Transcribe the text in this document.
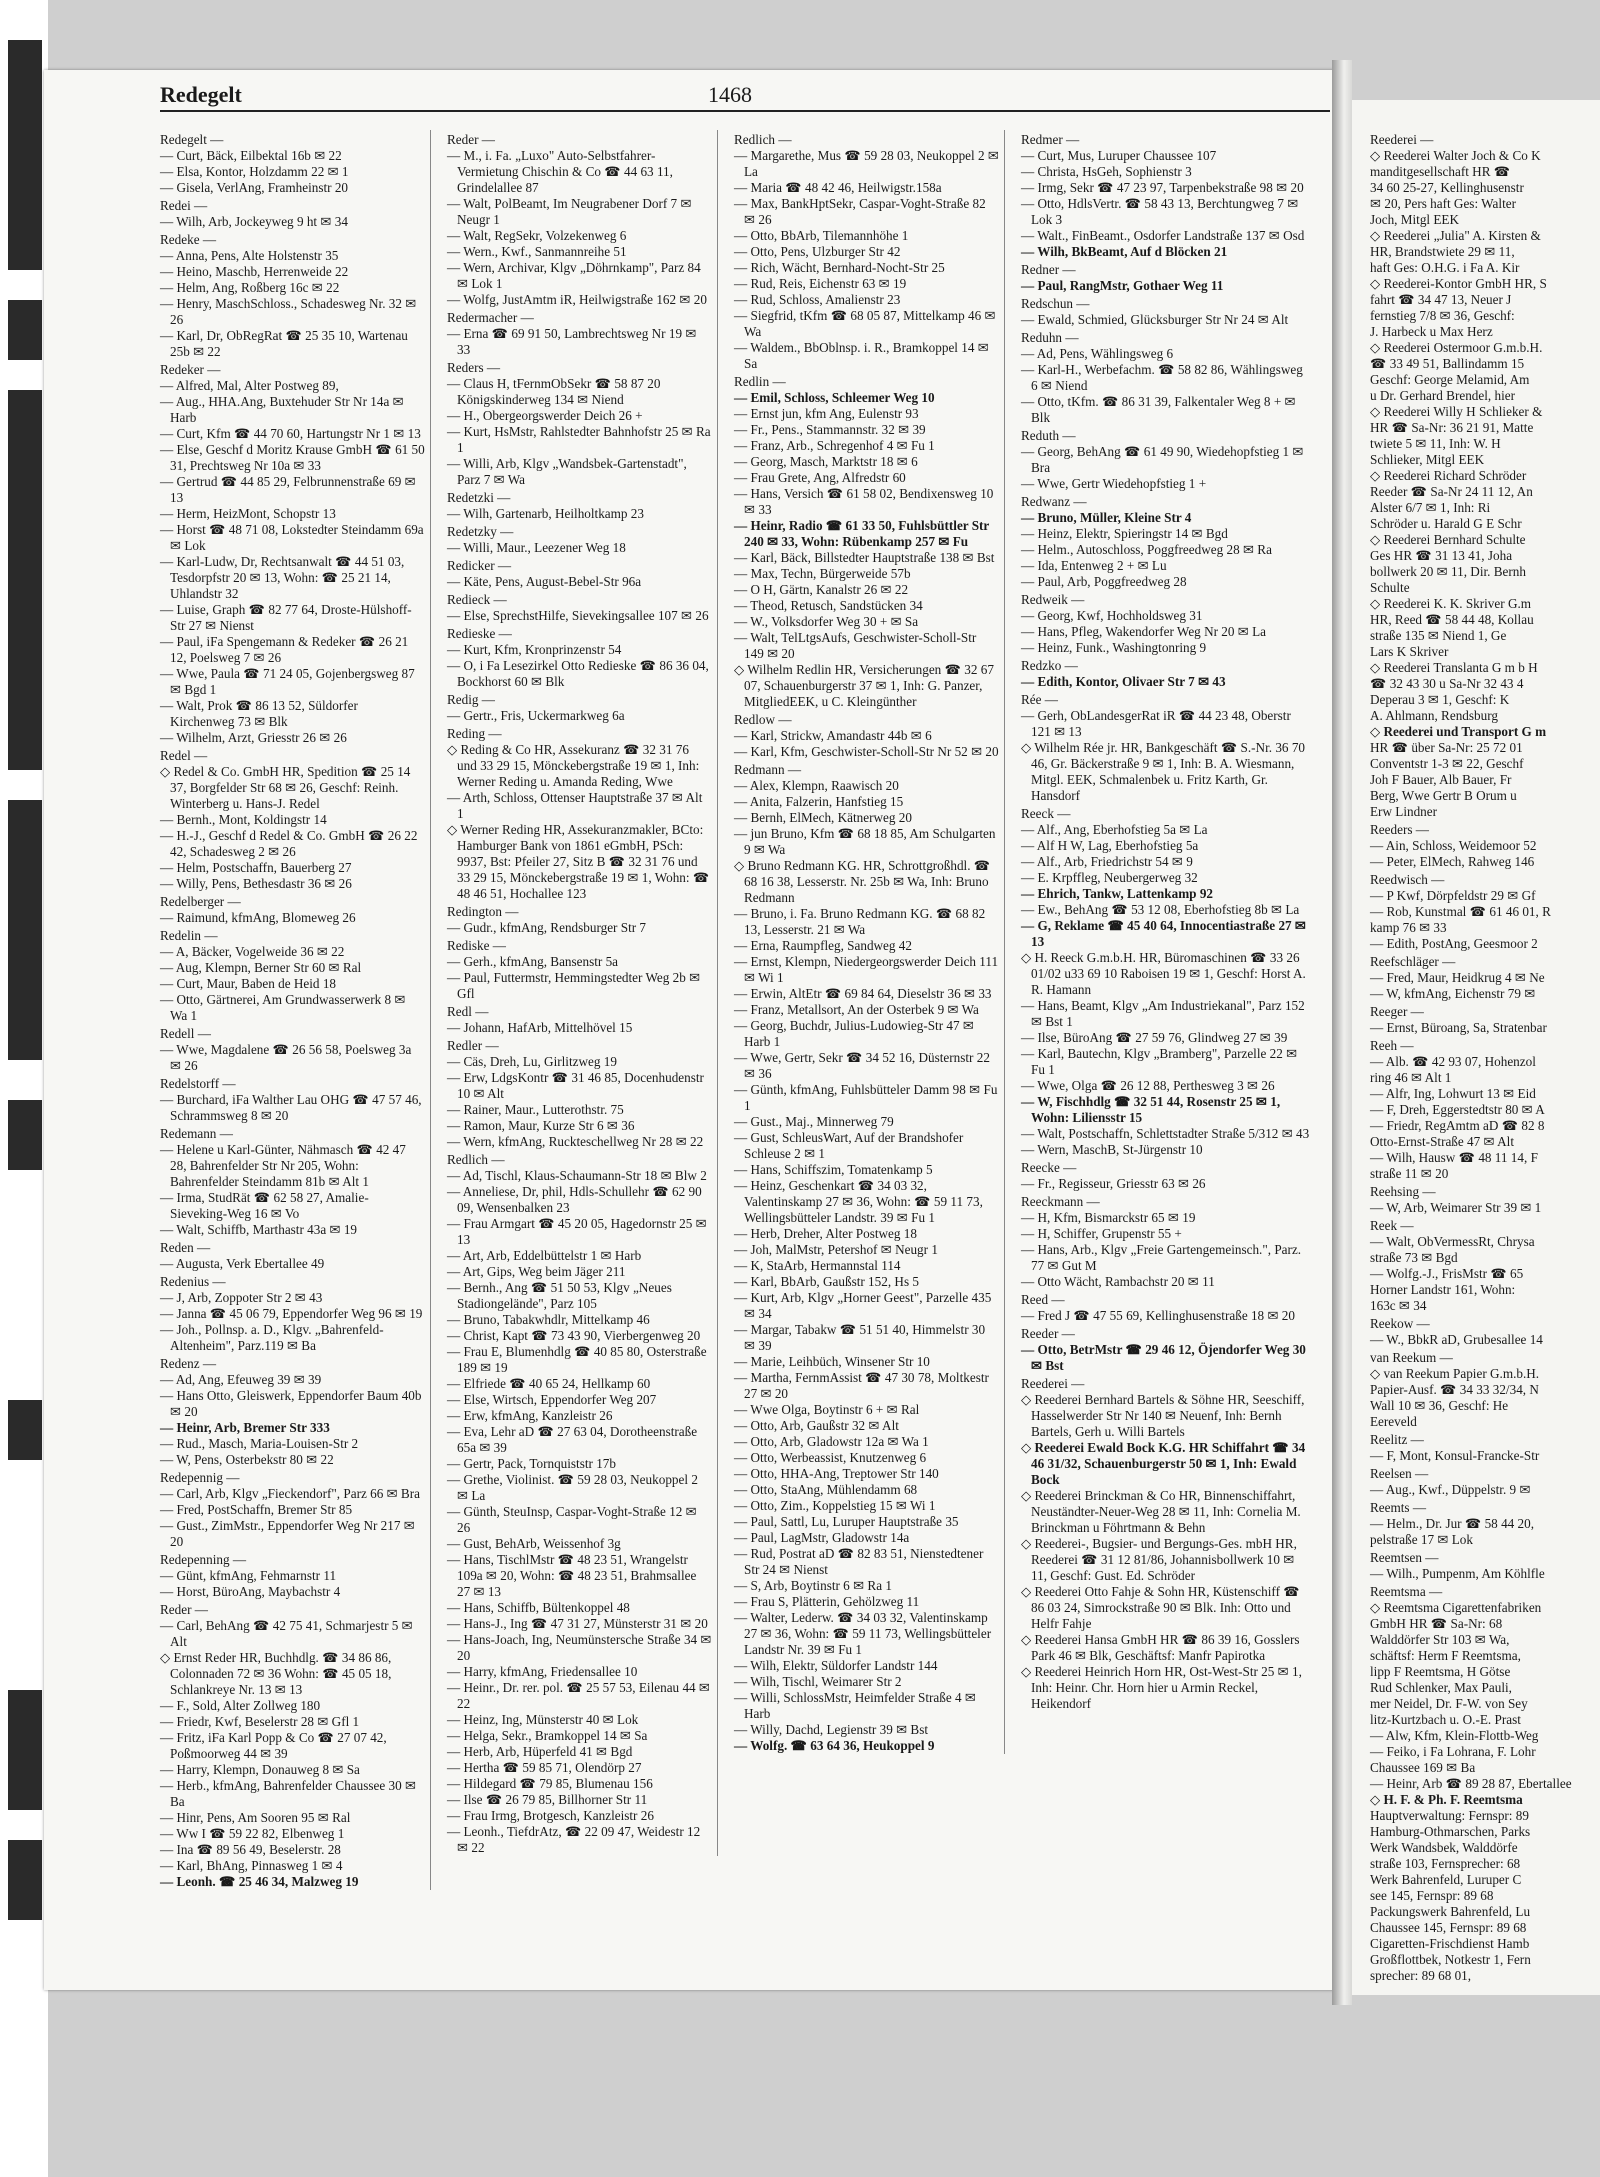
Redegelt	1468
Redegelt —
— Curt, Bäck, Eilbektal 16b ✉ 22
— Elsa, Kontor, Holzdamm 22 ✉ 1
— Gisela, VerlAng, Framheinstr 20
Redei —
— Wilh, Arb, Jockeyweg 9 ht ✉ 34
Redeke —
— Anna, Pens, Alte Holstenstr 35
— Heino, Maschb, Herrenweide 22
— Helm, Ang, Roßberg 16c ✉ 22
— Henry, MaschSchloss., Schadesweg Nr. 32 ✉ 26
— Karl, Dr, ObRegRat ☎ 25 35 10, Wartenau 25b ✉ 22
Redeker —
— Alfred, Mal, Alter Postweg 89,
— Aug., HHA.Ang, Buxtehuder Str Nr 14a ✉ Harb
— Curt, Kfm ☎ 44 70 60, Hartungstr Nr 1 ✉ 13
— Else, Geschf d Moritz Krause GmbH ☎ 61 50 31, Prechtsweg Nr 10a ✉ 33
— Gertrud ☎ 44 85 29, Felbrunnenstraße 69 ✉ 13
— Herm, HeizMont, Schopstr 13
— Horst ☎ 48 71 08, Lokstedter Steindamm 69a ✉ Lok
— Karl-Ludw, Dr, Rechtsanwalt ☎ 44 51 03, Tesdorpfstr 20 ✉ 13, Wohn: ☎ 25 21 14, Uhlandstr 32
— Luise, Graph ☎ 82 77 64, Droste-Hülshoff-Str 27 ✉ Nienst
— Paul, iFa Spengemann & Redeker ☎ 26 21 12, Poelsweg 7 ✉ 26
— Wwe, Paula ☎ 71 24 05, Gojenbergsweg 87 ✉ Bgd 1
— Walt, Prok ☎ 86 13 52, Süldorfer Kirchenweg 73 ✉ Blk
— Wilhelm, Arzt, Griesstr 26 ✉ 26
Redel —
◇ Redel & Co. GmbH HR, Spedition ☎ 25 14 37, Borgfelder Str 68 ✉ 26, Geschf: Reinh. Winterberg u. Hans-J. Redel
— Bernh., Mont, Koldingstr 14
— H.-J., Geschf d Redel & Co. GmbH ☎ 26 22 42, Schadesweg 2 ✉ 26
— Helm, Postschaffn, Bauerberg 27
— Willy, Pens, Bethesdastr 36 ✉ 26
Redelberger —
— Raimund, kfmAng, Blomeweg 26
Redelin —
— A, Bäcker, Vogelweide 36 ✉ 22
— Aug, Klempn, Berner Str 60 ✉ Ral
— Curt, Maur, Baben de Heid 18
— Otto, Gärtnerei, Am Grundwasserwerk 8 ✉ Wa 1
Redell —
— Wwe, Magdalene ☎ 26 56 58, Poelsweg 3a ✉ 26
Redelstorff —
— Burchard, iFa Walther Lau OHG ☎ 47 57 46, Schrammsweg 8 ✉ 20
Redemann —
— Helene u Karl-Günter, Nähmasch ☎ 42 47 28, Bahrenfelder Str Nr 205, Wohn: Bahrenfelder Steindamm 81b ✉ Alt 1
— Irma, StudRät ☎ 62 58 27, Amalie-Sieveking-Weg 16 ✉ Vo
— Walt, Schiffb, Marthastr 43a ✉ 19
Reden —
— Augusta, Verk Ebertallee 49
Redenius —
— J, Arb, Zoppoter Str 2 ✉ 43
— Janna ☎ 45 06 79, Eppendorfer Weg 96 ✉ 19
— Joh., Pollnsp. a. D., Klgv. „Bahrenfeld-Altenheim", Parz.119 ✉ Ba
Redenz —
— Ad, Ang, Efeuweg 39 ✉ 39
— Hans Otto, Gleiswerk, Eppendorfer Baum 40b ✉ 20
— Heinr, Arb, Bremer Str 333
— Rud., Masch, Maria-Louisen-Str 2
— W, Pens, Osterbekstr 80 ✉ 22
Redepennig —
— Carl, Arb, Klgv „Fieckendorf", Parz 66 ✉ Bra
— Fred, PostSchaffn, Bremer Str 85
— Gust., ZimMstr., Eppendorfer Weg Nr 217 ✉ 20
Redepenning —
— Günt, kfmAng, Fehmarnstr 11
— Horst, BüroAng, Maybachstr 4
Reder —
— Carl, BehAng ☎ 42 75 41, Schmarjestr 5 ✉ Alt
◇ Ernst Reder HR, Buchhdlg. ☎ 34 86 86, Colonnaden 72 ✉ 36 Wohn: ☎ 45 05 18, Schlankreye Nr. 13 ✉ 13
— F., Sold, Alter Zollweg 180
— Friedr, Kwf, Beselerstr 28 ✉ Gfl 1
— Fritz, iFa Karl Popp & Co ☎ 27 07 42, Poßmoorweg 44 ✉ 39
— Harry, Klempn, Donauweg 8 ✉ Sa
— Herb., kfmAng, Bahrenfelder Chaussee 30 ✉ Ba
— Hinr, Pens, Am Sooren 95 ✉ Ral
— Ww I ☎ 59 22 82, Elbenweg 1
— Ina ☎ 89 56 49, Beselerstr. 28
— Karl, BhAng, Pinnasweg 1 ✉ 4
— Leonh. ☎ 25 46 34, Malzweg 19
Reder —
— M., i. Fa. „Luxo" Auto-Selbstfahrer-Vermietung Chischin & Co ☎ 44 63 11, Grindelallee 87
— Walt, PolBeamt, Im Neugrabener Dorf 7 ✉ Neugr 1
— Walt, RegSekr, Volzekenweg 6
— Wern., Kwf., Sanmannreihe 51
— Wern, Archivar, Klgv „Döhrnkamp", Parz 84 ✉ Lok 1
— Wolfg, JustAmtm iR, Heilwigstraße 162 ✉ 20
Redermacher —
— Erna ☎ 69 91 50, Lambrechtsweg Nr 19 ✉ 33
Reders —
— Claus H, tFernmObSekr ☎ 58 87 20 Königskinderweg 134 ✉ Niend
— H., Obergeorgswerder Deich 26 +
— Kurt, HsMstr, Rahlstedter Bahnhofstr 25 ✉ Ra 1
— Willi, Arb, Klgv „Wandsbek-Gartenstadt", Parz 7 ✉ Wa
Redetzki —
— Wilh, Gartenarb, Heilholtkamp 23
Redetzky —
— Willi, Maur., Leezener Weg 18
Redicker —
— Käte, Pens, August-Bebel-Str 96a
Redieck —
— Else, SprechstHilfe, Sievekingsallee 107 ✉ 26
Redieske —
— Kurt, Kfm, Kronprinzenstr 54
— O, i Fa Lesezirkel Otto Redieske ☎ 86 36 04, Bockhorst 60 ✉ Blk
Redig —
— Gertr., Fris, Uckermarkweg 6a
Reding —
◇ Reding & Co HR, Assekuranz ☎ 32 31 76 und 33 29 15, Mönckebergstraße 19 ✉ 1, Inh: Werner Reding u. Amanda Reding, Wwe
— Arth, Schloss, Ottenser Hauptstraße 37 ✉ Alt 1
◇ Werner Reding HR, Assekuranzmakler, BCto: Hamburger Bank von 1861 eGmbH, PSch: 9937, Bst: Pfeiler 27, Sitz B ☎ 32 31 76 und 33 29 15, Mönckebergstraße 19 ✉ 1, Wohn: ☎ 48 46 51, Hochallee 123
Redington —
— Gudr., kfmAng, Rendsburger Str 7
Rediske —
— Gerh., kfmAng, Bansenstr 5a
— Paul, Futtermstr, Hemmingstedter Weg 2b ✉ Gfl
Redl —
— Johann, HafArb, Mittelhövel 15
Redler —
— Cäs, Dreh, Lu, Girlitzweg 19
— Erw, LdgsKontr ☎ 31 46 85, Docenhudenstr 10 ✉ Alt
— Rainer, Maur., Lutterothstr. 75
— Ramon, Maur, Kurze Str 6 ✉ 36
— Wern, kfmAng, Ruckteschellweg Nr 28 ✉ 22
Redlich —
— Ad, Tischl, Klaus-Schaumann-Str 18 ✉ Blw 2
— Anneliese, Dr, phil, Hdls-Schullehr ☎ 62 90 09, Wensenbalken 23
— Frau Armgart ☎ 45 20 05, Hagedornstr 25 ✉ 13
— Art, Arb, Eddelbüttelstr 1 ✉ Harb
— Art, Gips, Weg beim Jäger 211
— Bernh., Ang ☎ 51 50 53, Klgv „Neues Stadiongelände", Parz 105
— Bruno, Tabakwhdlr, Mittelkamp 46
— Christ, Kapt ☎ 73 43 90, Vierbergenweg 20
— Frau E, Blumenhdlg ☎ 40 85 80, Osterstraße 189 ✉ 19
— Elfriede ☎ 40 65 24, Hellkamp 60
— Else, Wirtsch, Eppendorfer Weg 207
— Erw, kfmAng, Kanzleistr 26
— Eva, Lehr aD ☎ 27 63 04, Dorotheenstraße 65a ✉ 39
— Gertr, Pack, Tornquiststr 17b
— Grethe, Violinist. ☎ 59 28 03, Neukoppel 2 ✉ La
— Günth, SteuInsp, Caspar-Voght-Straße 12 ✉ 26
— Gust, BehArb, Weissenhof 3g
— Hans, TischlMstr ☎ 48 23 51, Wrangelstr 109a ✉ 20, Wohn: ☎ 48 23 51, Brahmsallee 27 ✉ 13
— Hans, Schiffb, Bültenkoppel 48
— Hans-J., Ing ☎ 47 31 27, Münsterstr 31 ✉ 20
— Hans-Joach, Ing, Neumünstersche Straße 34 ✉ 20
— Harry, kfmAng, Friedensallee 10
— Heinr., Dr. rer. pol. ☎ 25 57 53, Eilenau 44 ✉ 22
— Heinz, Ing, Münsterstr 40 ✉ Lok
— Helga, Sekr., Bramkoppel 14 ✉ Sa
— Herb, Arb, Hüperfeld 41 ✉ Bgd
— Hertha ☎ 59 85 71, Olendörp 27
— Hildegard ☎ 79 85, Blumenau 156
— Ilse ☎ 26 79 85, Billhorner Str 11
— Frau Irmg, Brotgesch, Kanzleistr 26
— Leonh., TiefdrAtz, ☎ 22 09 47, Weidestr 12 ✉ 22
Redlich —
— Margarethe, Mus ☎ 59 28 03, Neukoppel 2 ✉ La
— Maria ☎ 48 42 46, Heilwigstr.158a
— Max, BankHptSekr, Caspar-Voght-Straße 82 ✉ 26
— Otto, BbArb, Tilemannhöhe 1
— Otto, Pens, Ulzburger Str 42
— Rich, Wächt, Bernhard-Nocht-Str 25
— Rud, Reis, Eichenstr 63 ✉ 19
— Rud, Schloss, Amalienstr 23
— Siegfrid, tKfm ☎ 68 05 87, Mittelkamp 46 ✉ Wa
— Waldem., BbOblnsp. i. R., Bramkoppel 14 ✉ Sa
Redlin —
— Emil, Schloss, Schleemer Weg 10
— Ernst jun, kfm Ang, Eulenstr 93
— Fr., Pens., Stammannstr. 32 ✉ 39
— Franz, Arb., Schregenhof 4 ✉ Fu 1
— Georg, Masch, Marktstr 18 ✉ 6
— Frau Grete, Ang, Alfredstr 60
— Hans, Versich ☎ 61 58 02, Bendixensweg 10 ✉ 33
— Heinr, Radio ☎ 61 33 50, Fuhlsbüttler Str 240 ✉ 33, Wohn: Rübenkamp 257 ✉ Fu
— Karl, Bäck, Billstedter Hauptstraße 138 ✉ Bst
— Max, Techn, Bürgerweide 57b
— O H, Gärtn, Kanalstr 26 ✉ 22
— Theod, Retusch, Sandstücken 34
— W., Volksdorfer Weg 30 + ✉ Sa
— Walt, TelLtgsAufs, Geschwister-Scholl-Str 149 ✉ 20
◇ Wilhelm Redlin HR, Versicherungen ☎ 32 67 07, Schauenburgerstr 37 ✉ 1, Inh: G. Panzer, MitgliedEEK, u C. Kleingünther
Redlow —
— Karl, Strickw, Amandastr 44b ✉ 6
— Karl, Kfm, Geschwister-Scholl-Str Nr 52 ✉ 20
Redmann —
— Alex, Klempn, Raawisch 20
— Anita, Falzerin, Hanfstieg 15
— Bernh, ElMech, Kätnerweg 20
— jun Bruno, Kfm ☎ 68 18 85, Am Schulgarten 9 ✉ Wa
◇ Bruno Redmann KG. HR, Schrottgroßhdl. ☎ 68 16 38, Lesserstr. Nr. 25b ✉ Wa, Inh: Bruno Redmann
— Bruno, i. Fa. Bruno Redmann KG. ☎ 68 82 13, Lesserstr. 21 ✉ Wa
— Erna, Raumpfleg, Sandweg 42
— Ernst, Klempn, Niedergeorgswerder Deich 111 ✉ Wi 1
— Erwin, AltEtr ☎ 69 84 64, Dieselstr 36 ✉ 33
— Franz, Metallsort, An der Osterbek 9 ✉ Wa
— Georg, Buchdr, Julius-Ludowieg-Str 47 ✉ Harb 1
— Wwe, Gertr, Sekr ☎ 34 52 16, Düsternstr 22 ✉ 36
— Günth, kfmAng, Fuhlsbütteler Damm 98 ✉ Fu 1
— Gust., Maj., Minnerweg 79
— Gust, SchleusWart, Auf der Brandshofer Schleuse 2 ✉ 1
— Hans, Schiffszim, Tomatenkamp 5
— Heinz, Geschenkart ☎ 34 03 32, Valentinskamp 27 ✉ 36, Wohn: ☎ 59 11 73, Wellingsbütteler Landstr. 39 ✉ Fu 1
— Herb, Dreher, Alter Postweg 18
— Joh, MalMstr, Petershof ✉ Neugr 1
— K, StaArb, Hermannstal 114
— Karl, BbArb, Gaußstr 152, Hs 5
— Kurt, Arb, Klgv „Horner Geest", Parzelle 435 ✉ 34
— Margar, Tabakw ☎ 51 51 40, Himmelstr 30 ✉ 39
— Marie, Leihbüch, Winsener Str 10
— Martha, FernmAssist ☎ 47 30 78, Moltkestr 27 ✉ 20
— Wwe Olga, Boytinstr 6 + ✉ Ral
— Otto, Arb, Gaußstr 32 ✉ Alt
— Otto, Arb, Gladowstr 12a ✉ Wa 1
— Otto, Werbeassist, Knutzenweg 6
— Otto, HHA-Ang, Treptower Str 140
— Otto, StaAng, Mühlendamm 68
— Otto, Zim., Koppelstieg 15 ✉ Wi 1
— Paul, Sattl, Lu, Luruper Hauptstraße 35
— Paul, LagMstr, Gladowstr 14a
— Rud, Postrat aD ☎ 82 83 51, Nienstedtener Str 24 ✉ Nienst
— S, Arb, Boytinstr 6 ✉ Ra 1
— Frau S, Plätterin, Gehölzweg 11
— Walter, Lederw. ☎ 34 03 32, Valentinskamp 27 ✉ 36, Wohn: ☎ 59 11 73, Wellingsbütteler Landstr Nr. 39 ✉ Fu 1
— Wilh, Elektr, Süldorfer Landstr 144
— Wilh, Tischl, Weimarer Str 2
— Willi, SchlossMstr, Heimfelder Straße 4 ✉ Harb
— Willy, Dachd, Legienstr 39 ✉ Bst
— Wolfg. ☎ 63 64 36, Heukoppel 9
Redmer —
— Curt, Mus, Luruper Chaussee 107
— Christa, HsGeh, Sophienstr 3
— Irmg, Sekr ☎ 47 23 97, Tarpenbekstraße 98 ✉ 20
— Otto, HdlsVertr. ☎ 58 43 13, Berchtungweg 7 ✉ Lok 3
— Walt., FinBeamt., Osdorfer Landstraße 137 ✉ Osd
— Wilh, BkBeamt, Auf d Blöcken 21
Redner —
— Paul, RangMstr, Gothaer Weg 11
Redschun —
— Ewald, Schmied, Glücksburger Str Nr 24 ✉ Alt
Reduhn —
— Ad, Pens, Wählingsweg 6
— Karl-H., Werbefachm. ☎ 58 82 86, Wählingsweg 6 ✉ Niend
— Otto, tKfm. ☎ 86 31 39, Falkentaler Weg 8 + ✉ Blk
Reduth —
— Georg, BehAng ☎ 61 49 90, Wiedehopfstieg 1 ✉ Bra
— Wwe, Gertr Wiedehopfstieg 1 +
Redwanz —
— Bruno, Müller, Kleine Str 4
— Heinz, Elektr, Spieringstr 14 ✉ Bgd
— Helm., Autoschloss, Poggfreedweg 28 ✉ Ra
— Ida, Entenweg 2 + ✉ Lu
— Paul, Arb, Poggfreedweg 28
Redweik —
— Georg, Kwf, Hochholdsweg 31
— Hans, Pfleg, Wakendorfer Weg Nr 20 ✉ La
— Heinz, Funk., Washingtonring 9
Redzko —
— Edith, Kontor, Olivaer Str 7 ✉ 43
Rée —
— Gerh, ObLandesgerRat iR ☎ 44 23 48, Oberstr 121 ✉ 13
◇ Wilhelm Rée jr. HR, Bankgeschäft ☎ S.-Nr. 36 70 46, Gr. Bäckerstraße 9 ✉ 1, Inh: B. A. Wiesmann, Mitgl. EEK, Schmalenbek u. Fritz Karth, Gr. Hansdorf
Reeck —
— Alf., Ang, Eberhofstieg 5a ✉ La
— Alf H W, Lag, Eberhofstieg 5a
— Alf., Arb, Friedrichstr 54 ✉ 9
— E. Krpffleg, Neubergerweg 32
— Ehrich, Tankw, Lattenkamp 92
— Ew., BehAng ☎ 53 12 08, Eberhofstieg 8b ✉ La
— G, Reklame ☎ 45 40 64, Innocentiastraße 27 ✉ 13
◇ H. Reeck G.m.b.H. HR, Büromaschinen ☎ 33 26 01/02 u33 69 10 Raboisen 19 ✉ 1, Geschf: Horst A. R. Hamann
— Hans, Beamt, Klgv „Am Industriekanal", Parz 152 ✉ Bst 1
— Ilse, BüroAng ☎ 27 59 76, Glindweg 27 ✉ 39
— Karl, Bautechn, Klgv „Bramberg", Parzelle 22 ✉ Fu 1
— Wwe, Olga ☎ 26 12 88, Perthesweg 3 ✉ 26
— W, Fischhdlg ☎ 32 51 44, Rosenstr 25 ✉ 1, Wohn: Liliensstr 15
— Walt, Postschaffn, Schlettstadter Straße 5/312 ✉ 43
— Wern, MaschB, St-Jürgenstr 10
Reecke —
— Fr., Regisseur, Griesstr 63 ✉ 26
Reeckmann —
— H, Kfm, Bismarckstr 65 ✉ 19
— H, Schiffer, Grupenstr 55 +
— Hans, Arb., Klgv „Freie Gartengemeinsch.", Parz. 77 ✉ Gut M
— Otto Wächt, Rambachstr 20 ✉ 11
Reed —
— Fred J ☎ 47 55 69, Kellinghusenstraße 18 ✉ 20
Reeder —
— Otto, BetrMstr ☎ 29 46 12, Öjendorfer Weg 30 ✉ Bst
Reederei —
◇ Reederei Bernhard Bartels & Söhne HR, Seeschiff, Hasselwerder Str Nr 140 ✉ Neuenf, Inh: Bernh Bartels, Gerh u. Willi Bartels
◇ Reederei Ewald Bock K.G. HR Schiffahrt ☎ 34 46 31/32, Schauenburgerstr 50 ✉ 1, Inh: Ewald Bock
◇ Reederei Brinckman & Co HR, Binnenschiffahrt, Neuständter-Neuer-Weg 28 ✉ 11, Inh: Cornelia M. Brinckman u Föhrtmann & Behn
◇ Reederei-, Bugsier- und Bergungs-Ges. mbH HR, Reederei ☎ 31 12 81/86, Johannisbollwerk 10 ✉ 11, Geschf: Gust. Ed. Schröder
◇ Reederei Otto Fahje & Sohn HR, Küstenschiff ☎ 86 03 24, Simrockstraße 90 ✉ Blk. Inh: Otto und Helfr Fahje
◇ Reederei Hansa GmbH HR ☎ 86 39 16, Gosslers Park 46 ✉ Blk, Geschäftsf: Manfr Papirotka
◇ Reederei Heinrich Horn HR, Ost-West-Str 25 ✉ 1, Inh: Heinr. Chr. Horn hier u Armin Reckel, Heikendorf
Reederei —
◇ Reederei Walter Joch & Co K
manditgesellschaft HR ☎
34 60 25-27, Kellinghusenstr
✉ 20, Pers haft Ges: Walter
Joch, Mitgl EEK
◇ Reederei „Julia" A. Kirsten &
HR, Brandstwiete 29 ✉ 11,
haft Ges: O.H.G. i Fa A. Kir
◇ Reederei-Kontor GmbH HR, S
fahrt ☎ 34 47 13, Neuer J
fernstieg 7/8 ✉ 36, Geschf:
J. Harbeck u Max Herz
◇ Reederei Ostermoor G.m.b.H.
☎ 33 49 51, Ballindamm 15
Geschf: George Melamid, Am
u Dr. Gerhard Brendel, hier
◇ Reederei Willy H Schlieker &
HR ☎ Sa-Nr: 36 21 91, Matte
twiete 5 ✉ 11, Inh: W. H
Schlieker, Mitgl EEK
◇ Reederei Richard Schröder
Reeder ☎ Sa-Nr 24 11 12, An
Alster 6/7 ✉ 1, Inh: Ri
Schröder u. Harald G E Schr
◇ Reederei Bernhard Schulte
Ges HR ☎ 31 13 41, Joha
bollwerk 20 ✉ 11, Dir. Bernh
Schulte
◇ Reederei K. K. Skriver G.m
HR, Reed ☎ 58 44 48, Kollau
straße 135 ✉ Niend 1, Ge
Lars K Skriver
◇ Reederei Translanta G m b H
☎ 32 43 30 u Sa-Nr 32 43 4
Deperau 3 ✉ 1, Geschf: K
A. Ahlmann, Rendsburg
◇ Reederei und Transport G m
HR ☎ über Sa-Nr: 25 72 01
Conventstr 1-3 ✉ 22, Geschf
Joh F Bauer, Alb Bauer, Fr
Berg, Wwe Gertr B Orum u
Erw Lindner
Reeders —
— Ain, Schloss, Weidemoor 52
— Peter, ElMech, Rahweg 146
Reedwisch —
— P Kwf, Dörpfeldstr 29 ✉ Gf
— Rob, Kunstmal ☎ 61 46 01, R
kamp 76 ✉ 33
— Edith, PostAng, Geesmoor 2
Reefschläger —
— Fred, Maur, Heidkrug 4 ✉ Ne
— W, kfmAng, Eichenstr 79 ✉
Reeger —
— Ernst, Büroang, Sa, Stratenbar
Reeh —
— Alb. ☎ 42 93 07, Hohenzol
ring 46 ✉ Alt 1
— Alfr, Ing, Lohwurt 13 ✉ Eid
— F, Dreh, Eggerstedtstr 80 ✉ A
— Friedr, RegAmtm aD ☎ 82 8
Otto-Ernst-Straße 47 ✉ Alt
— Wilh, Hausw ☎ 48 11 14, F
straße 11 ✉ 20
Reehsing —
— W, Arb, Weimarer Str 39 ✉ 1
Reek —
— Walt, ObVermessRt, Chrysa
straße 73 ✉ Bgd
— Wolfg.-J., FrisMstr ☎ 65
Horner Landstr 161, Wohn:
163c ✉ 34
Reekow —
— W., BbkR aD, Grubesallee 14
van Reekum —
◇ van Reekum Papier G.m.b.H.
Papier-Ausf. ☎ 34 33 32/34, N
Wall 10 ✉ 36, Geschf: He
Eereveld
Reelitz —
— F, Mont, Konsul-Francke-Str
Reelsen —
— Aug., Kwf., Düppelstr. 9 ✉
Reemts —
— Helm., Dr. Jur ☎ 58 44 20,
pelstraße 17 ✉ Lok
Reemtsen —
— Wilh., Pumpenm, Am Köhlfle
Reemtsma —
◇ Reemtsma Cigarettenfabriken
GmbH HR ☎ Sa-Nr: 68
Walddörfer Str 103 ✉ Wa,
schäftsf: Herm F Reemtsma,
lipp F Reemtsma, H Götse
Rud Schlenker, Max Pauli,
mer Neidel, Dr. F-W. von Sey
litz-Kurtzbach u. O.-E. Prast
— Alw, Kfm, Klein-Flottb-Weg
— Feiko, i Fa Lohrana, F. Lohr
Chaussee 169 ✉ Ba
— Heinr, Arb ☎ 89 28 87, Ebertallee
◇ H. F. & Ph. F. Reemtsma
Hauptverwaltung: Fernspr: 89
Hamburg-Othmarschen, Parks
Werk Wandsbek, Walddörfe
straße 103, Fernsprecher: 68
Werk Bahrenfeld, Luruper C
see 145, Fernspr: 89 68
Packungswerk Bahrenfeld, Lu
Chaussee 145, Fernspr: 89 68
Cigaretten-Frischdienst Hamb
Großflottbek, Notkestr 1, Fern
sprecher: 89 68 01,
